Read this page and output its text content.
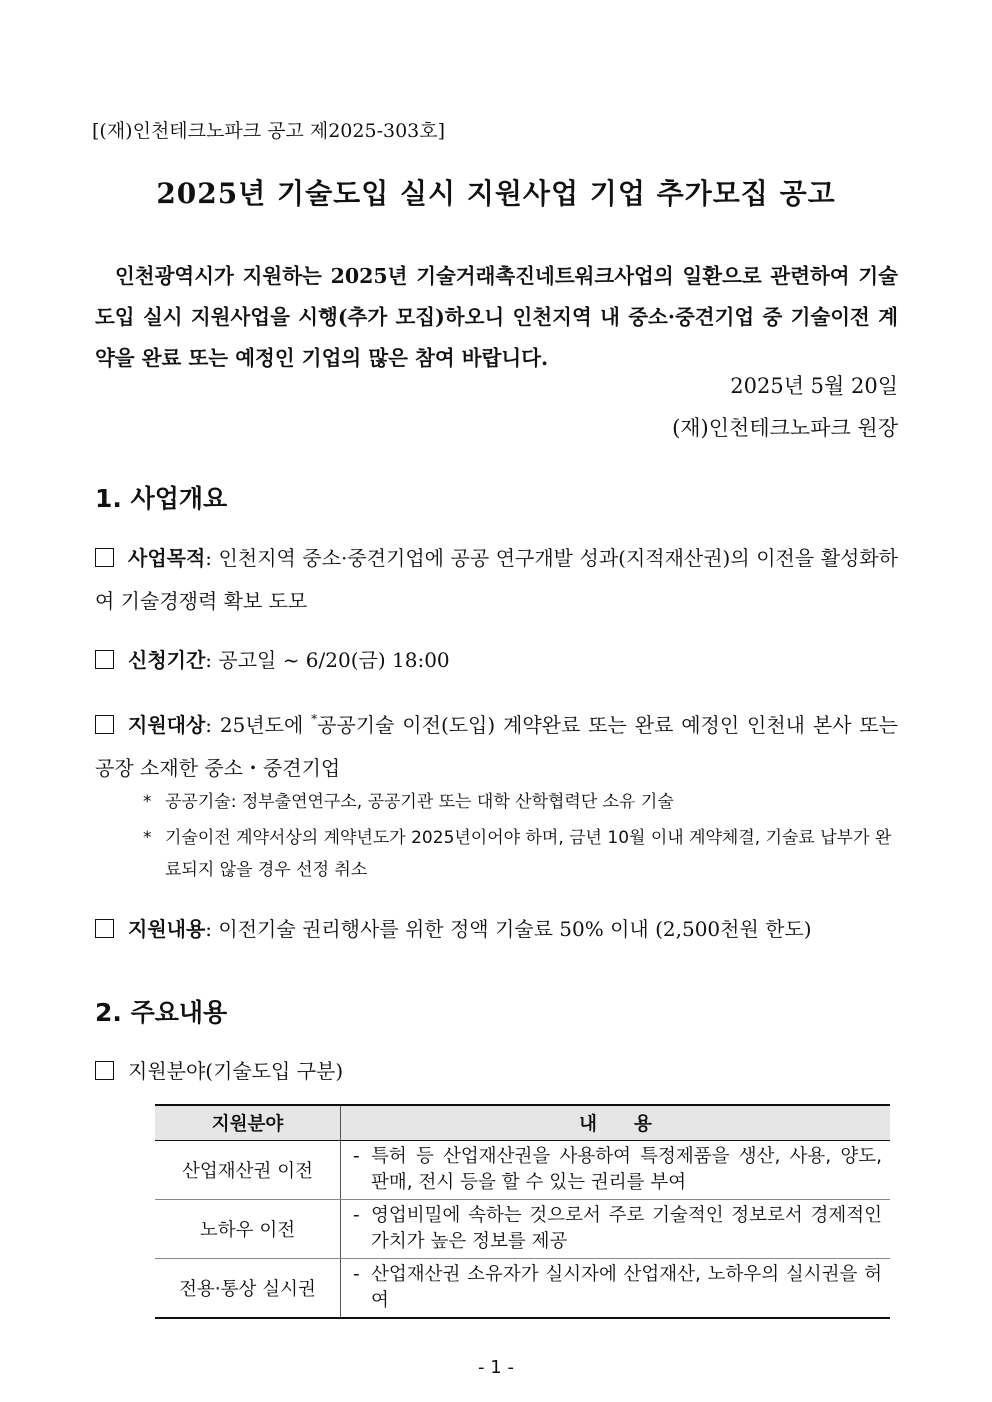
[(재)인천테크노파크 공고 제2025-303호]
2025년 기술도입 실시 지원사업 기업 추가모집 공고

인천광역시가 지원하는 2025년 기술거래촉진네트워크사업의 일환으로 관련하여 기술도입 실시 지원사업을 시행(추가 모집)하오니 인천지역 내 중소·중견기업 중 기술이전 계약을 완료 또는 예정인 기업의 많은 참여 바랍니다.

2025년 5월 20일
(재)인천테크노파크 원장
1. 사업개요
사업목적: 인천지역 중소·중견기업에 공공 연구개발 성과(지적재산권)의 이전을 활성화하여 기술경쟁력 확보 도모
신청기간: 공고일 ~ 6/20(금) 18:00
지원대상: 25년도에 *공공기술 이전(도입) 계약완료 또는 완료 예정인 인천내 본사 또는 공장 소재한 중소・중견기업
* 공공기술: 정부출연연구소, 공공기관 또는 대학 산학협력단 소유 기술
* 기술이전 계약서상의 계약년도가 2025년이어야 하며, 금년 10월 이내 계약체결, 기술료 납부가 완료되지 않을 경우 선정 취소
지원내용: 이전기술 권리행사를 위한 정액 기술료 50% 이내 (2,500천원 한도)
2. 주요내용
지원분야(기술도입 구분)
지원분야	내　　용
산업재산권 이전	- 특허 등 산업재산권을 사용하여 특정제품을 생산, 사용, 양도, 판매, 전시 등을 할 수 있는 권리를 부여

노하우 이전	- 영업비밀에 속하는 것으로서 주로 기술적인 정보로서 경제적인 가치가 높은 정보를 제공

전용·통상 실시권	- 산업재산권 소유자가 실시자에 산업재산, 노하우의 실시권을 허여
- 1 -
